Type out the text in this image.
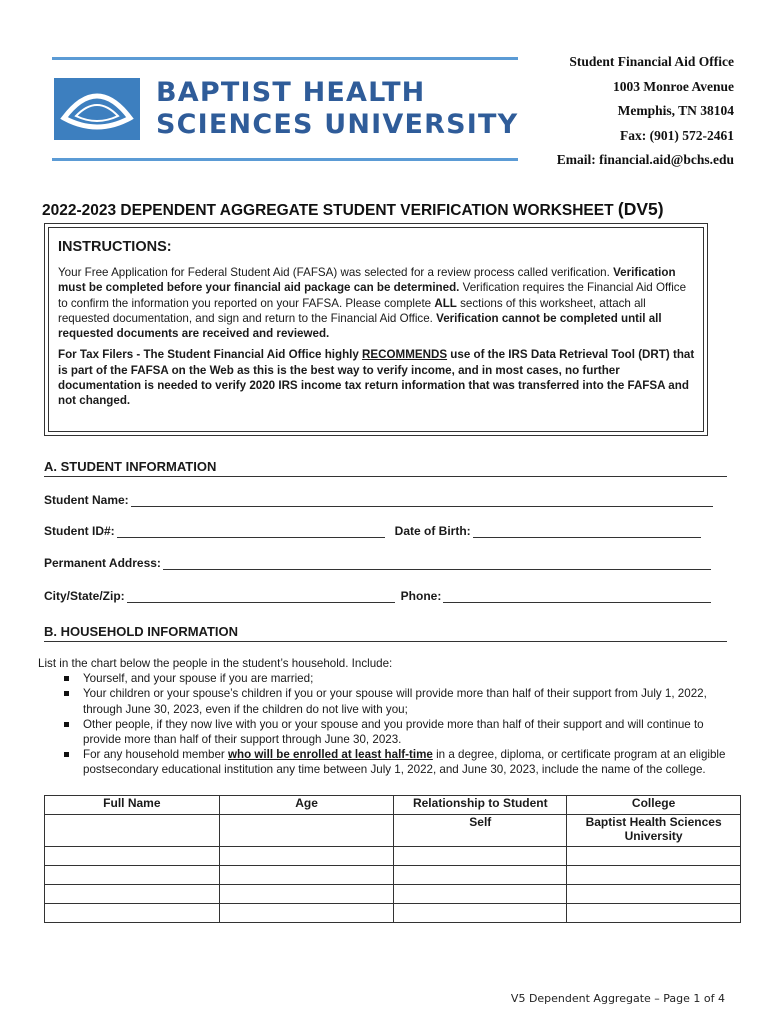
BAPTIST HEALTH
SCIENCES UNIVERSITY
Student Financial Aid Office
1003 Monroe Avenue
Memphis, TN 38104
Fax: (901) 572-2461
Email: financial.aid@bchs.edu
2022-2023 DEPENDENT AGGREGATE STUDENT VERIFICATION WORKSHEET (DV5)
INSTRUCTIONS:

Your Free Application for Federal Student Aid (FAFSA) was selected for a review process called verification. Verification must be completed before your financial aid package can be determined. Verification requires the Financial Aid Office to confirm the information you reported on your FAFSA. Please complete ALL sections of this worksheet, attach all requested documentation, and sign and return to the Financial Aid Office. Verification cannot be completed until all requested documents are received and reviewed.

For Tax Filers - The Student Financial Aid Office highly RECOMMENDS use of the IRS Data Retrieval Tool (DRT) that is part of the FAFSA on the Web as this is the best way to verify income, and in most cases, no further documentation is needed to verify 2020 IRS income tax return information that was transferred into the FAFSA and not changed.

A. STUDENT INFORMATION
Student Name:
Student ID#:	Date of Birth:
Permanent Address:
City/State/Zip:	Phone:
B. HOUSEHOLD INFORMATION
List in the chart below the people in the student’s household. Include:
Yourself, and your spouse if you are married;
Your children or your spouse’s children if you or your spouse will provide more than half of their support from July 1, 2022, through June 30, 2023, even if the children do not live with you;
Other people, if they now live with you or your spouse and you provide more than half of their support and will continue to provide more than half of their support through June 30, 2023.
For any household member who will be enrolled at least half-time in a degree, diploma, or certificate program at an eligible postsecondary educational institution any time between July 1, 2022, and June 30, 2023, include the name of the college.
Full Name	Age	Relationship to Student	College
		Self	Baptist Health Sciences University

V5 Dependent Aggregate – Page 1 of 4
